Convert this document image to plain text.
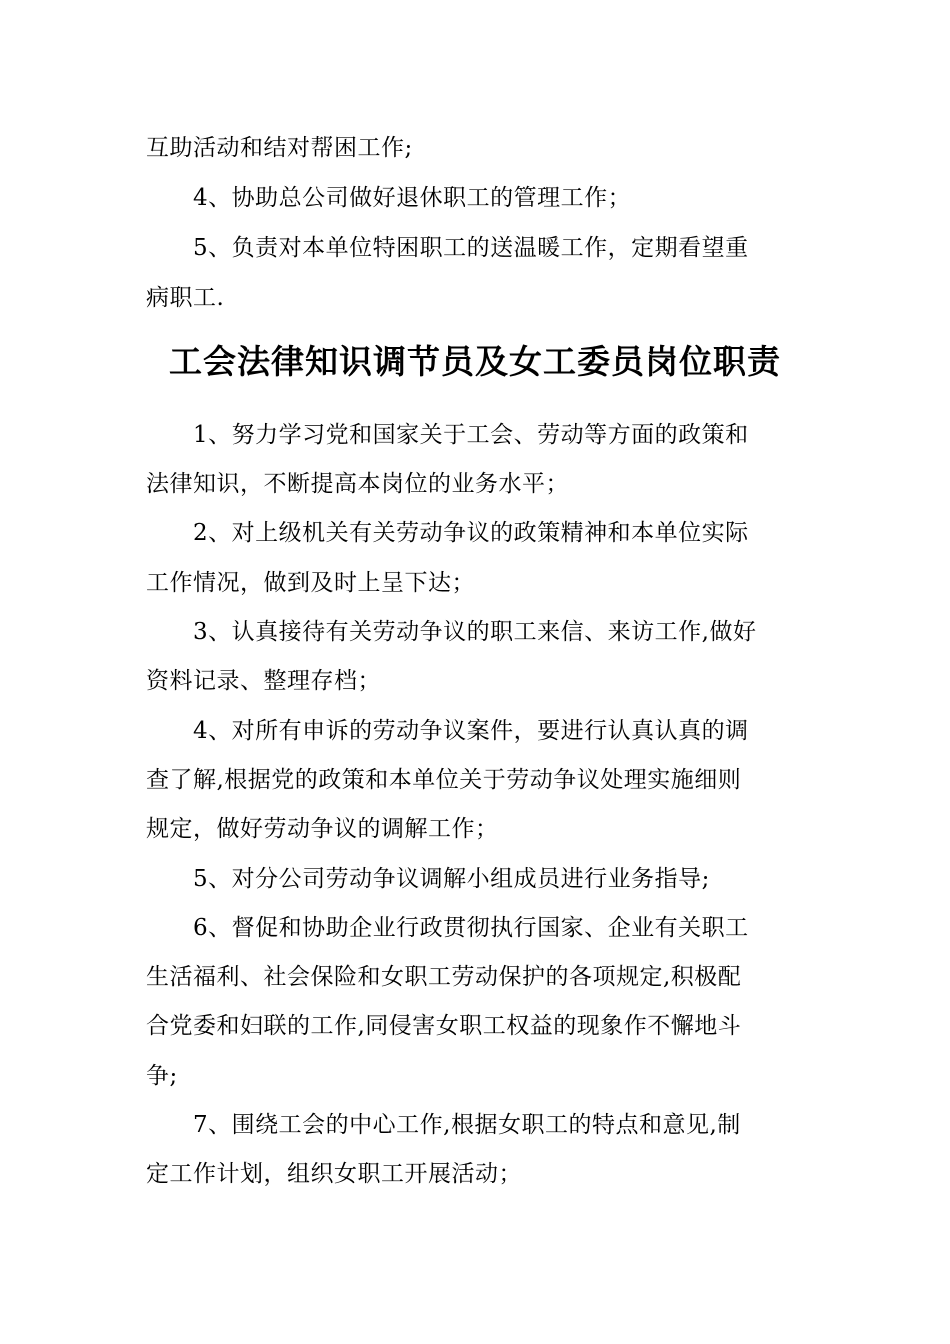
互助活动和结对帮困工作;
4、协助总公司做好退休职工的管理工作；
5、负责对本单位特困职工的送温暖工作，定期看望重
病职工.
工会法律知识调节员及女工委员岗位职责
1、努力学习党和国家关于工会、劳动等方面的政策和
法律知识，不断提高本岗位的业务水平；
2、对上级机关有关劳动争议的政策精神和本单位实际
工作情况，做到及时上呈下达；
3、认真接待有关劳动争议的职工来信、来访工作,做好
资料记录、整理存档；
4、对所有申诉的劳动争议案件，要进行认真认真的调
查了解,根据党的政策和本单位关于劳动争议处理实施细则
规定，做好劳动争议的调解工作；
5、对分公司劳动争议调解小组成员进行业务指导;
6、督促和协助企业行政贯彻执行国家、企业有关职工
生活福利、社会保险和女职工劳动保护的各项规定,积极配
合党委和妇联的工作,同侵害女职工权益的现象作不懈地斗
争;
7、围绕工会的中心工作,根据女职工的特点和意见,制
定工作计划，组织女职工开展活动；
